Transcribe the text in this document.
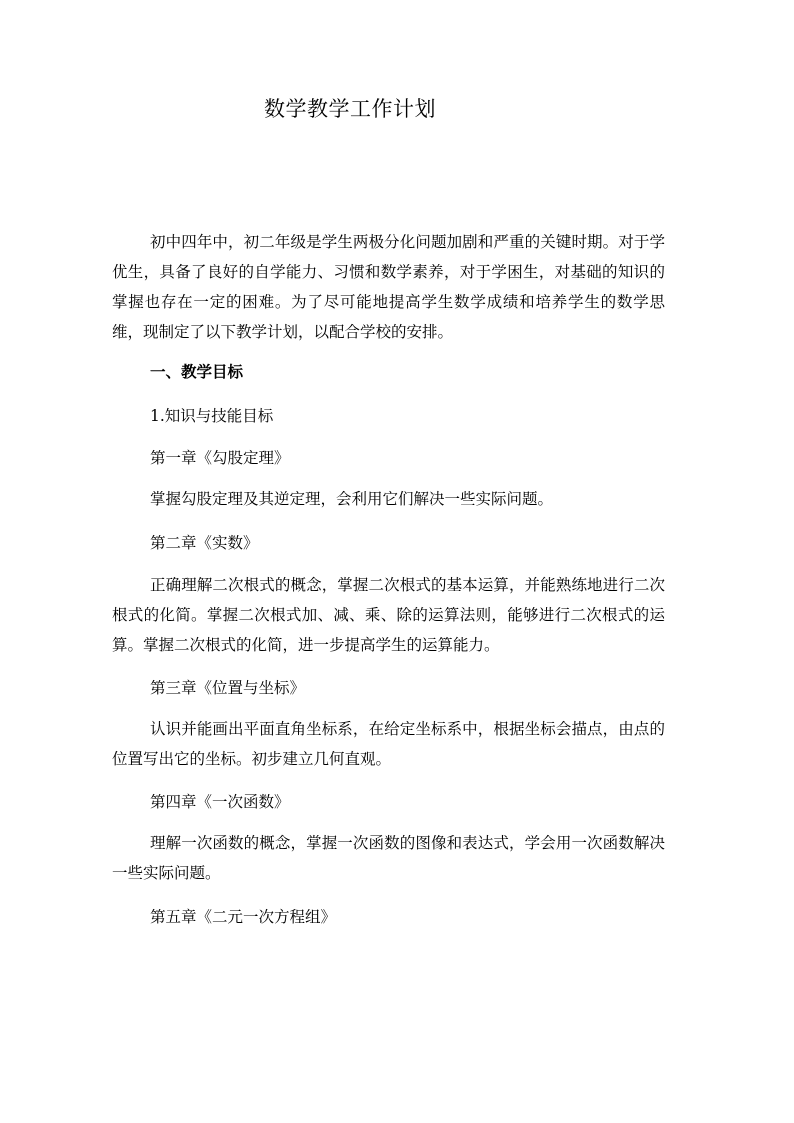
数学教学工作计划

初中四年中，初二年级是学生两极分化问题加剧和严重的关键时期。对于学优生，具备了良好的自学能力、习惯和数学素养，对于学困生，对基础的知识的掌握也存在一定的困难。为了尽可能地提高学生数学成绩和培养学生的数学思维，现制定了以下教学计划，以配合学校的安排。

一、教学目标

1.知识与技能目标

第一章《勾股定理》

掌握勾股定理及其逆定理，会利用它们解决一些实际问题。

第二章《实数》

正确理解二次根式的概念，掌握二次根式的基本运算，并能熟练地进行二次根式的化简。掌握二次根式加、减、乘、除的运算法则，能够进行二次根式的运算。掌握二次根式的化简，进一步提高学生的运算能力。

第三章《位置与坐标》

认识并能画出平面直角坐标系，在给定坐标系中，根据坐标会描点，由点的位置写出它的坐标。初步建立几何直观。

第四章《一次函数》

理解一次函数的概念，掌握一次函数的图像和表达式，学会用一次函数解决一些实际问题。

第五章《二元一次方程组》
